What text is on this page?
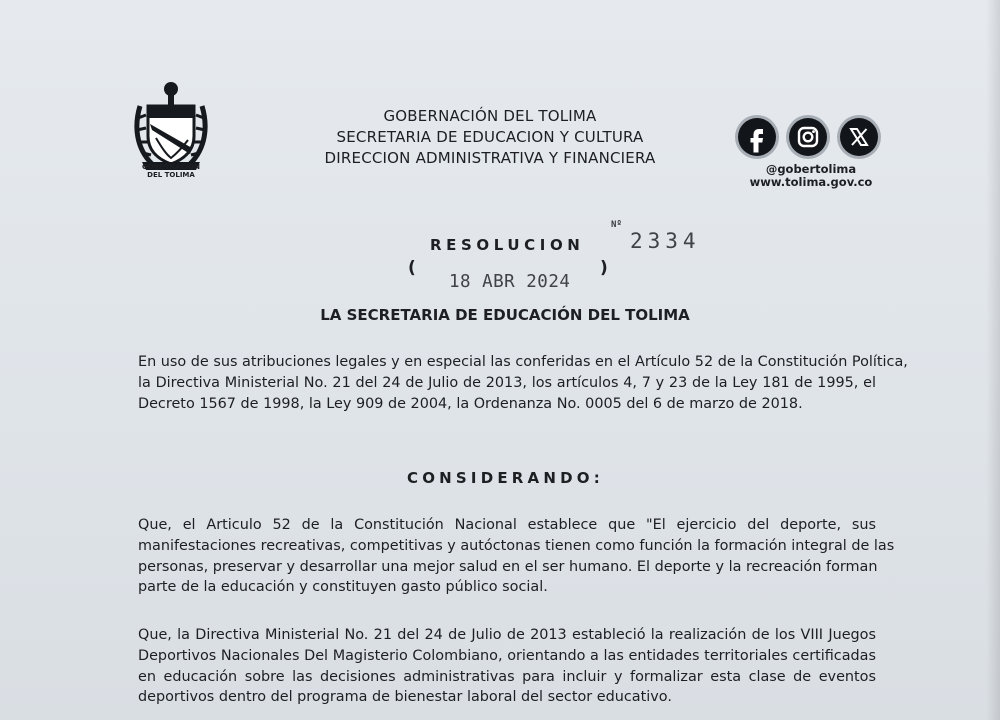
GOBERNACIÓN
DEL TOLIMA
GOBERNACIÓN DEL TOLIMA
SECRETARIA DE EDUCACION Y CULTURA
DIRECCION ADMINISTRATIVA Y FINANCIERA
@gobertolima
www.tolima.gov.co
RESOLUCION
Nº
2334
(	)
18 ABR 2024
LA SECRETARIA DE EDUCACIÓN DEL TOLIMA
En uso de sus atribuciones legales y en especial las conferidas en el Artículo 52 de la Constitución Política,
la Directiva Ministerial No. 21 del 24 de Julio de 2013, los artículos 4, 7 y 23 de la Ley 181 de 1995, el
Decreto 1567 de 1998, la Ley 909 de 2004, la Ordenanza No. 0005 del 6 de marzo de 2018.
CONSIDERANDO:
Que, el Articulo 52 de la Constitución Nacional establece que "El ejercicio del deporte, sus
manifestaciones recreativas, competitivas y autóctonas tienen como función la formación integral de las
personas, preservar y desarrollar una mejor salud en el ser humano. El deporte y la recreación forman
parte de la educación y constituyen gasto público social.
Que, la Directiva Ministerial No. 21 del 24 de Julio de 2013 estableció la realización de los VIII Juegos
Deportivos Nacionales Del Magisterio Colombiano, orientando a las entidades territoriales certificadas
en educación sobre las decisiones administrativas para incluir y formalizar esta clase de eventos
deportivos dentro del programa de bienestar laboral del sector educativo.
